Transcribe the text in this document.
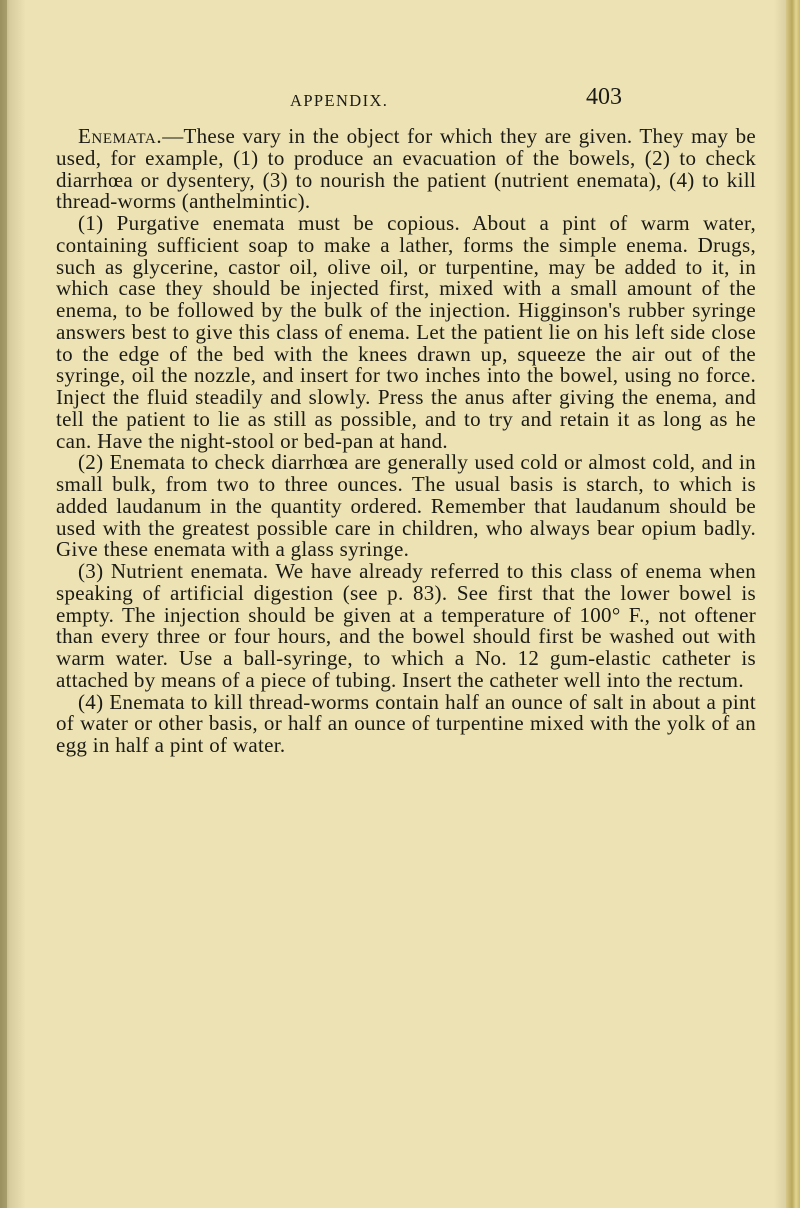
APPENDIX.	403

Enemata.—These vary in the object for which they are given. They may be used, for example, (1) to produce an evacuation of the bowels, (2) to check diarrhœa or dysentery, (3) to nourish the patient (nutrient enemata), (4) to kill thread-worms (anthelmintic).

(1) Purgative enemata must be copious. About a pint of warm water, containing sufficient soap to make a lather, forms the simple enema. Drugs, such as glycerine, castor oil, olive oil, or turpentine, may be added to it, in which case they should be injected first, mixed with a small amount of the enema, to be followed by the bulk of the injection. Higginson's rubber syringe answers best to give this class of enema. Let the patient lie on his left side close to the edge of the bed with the knees drawn up, squeeze the air out of the syringe, oil the nozzle, and insert for two inches into the bowel, using no force. Inject the fluid steadily and slowly. Press the anus after giving the enema, and tell the patient to lie as still as possible, and to try and retain it as long as he can. Have the night-stool or bed-pan at hand.

(2) Enemata to check diarrhœa are generally used cold or almost cold, and in small bulk, from two to three ounces. The usual basis is starch, to which is added laudanum in the quantity ordered. Remember that laudanum should be used with the greatest possible care in children, who always bear opium badly. Give these enemata with a glass syringe.

(3) Nutrient enemata. We have already referred to this class of enema when speaking of artificial digestion (see p. 83). See first that the lower bowel is empty. The injection should be given at a temperature of 100° F., not oftener than every three or four hours, and the bowel should first be washed out with warm water. Use a ball-syringe, to which a No. 12 gum-elastic catheter is attached by means of a piece of tubing. Insert the catheter well into the rectum.

(4) Enemata to kill thread-worms contain half an ounce of salt in about a pint of water or other basis, or half an ounce of turpentine mixed with the yolk of an egg in half a pint of water.
